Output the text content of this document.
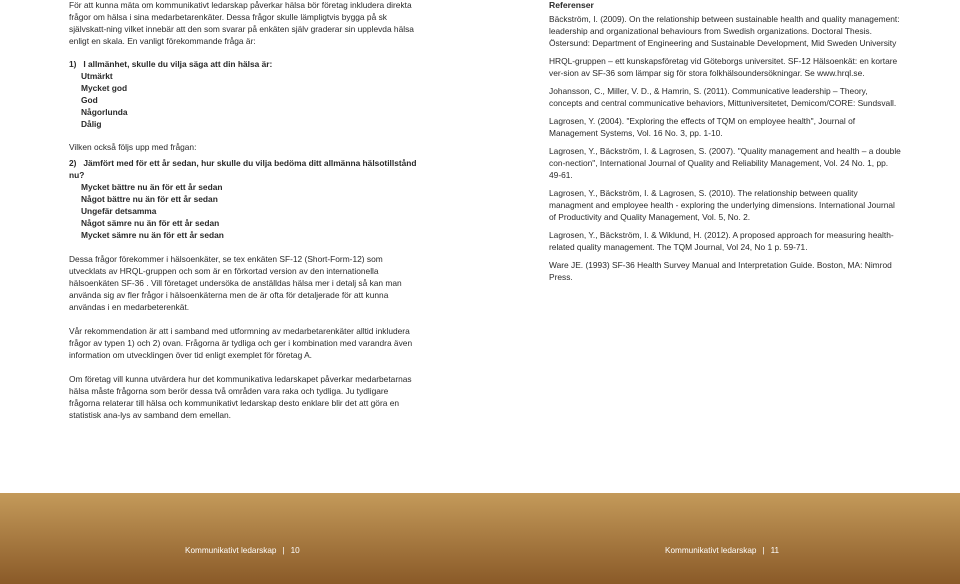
För att kunna mäta om kommunikativt ledarskap påverkar hälsa bör företag inkludera direkta frågor om hälsa i sina medarbetarenkäter. Dessa frågor skulle lämpligtvis bygga på sk självskatt-ning vilket innebär att den som svarar på enkäten själv graderar sin upplevda hälsa enligt en skala. En vanligt förekommande fråga är:

1) I allmänhet, skulle du vilja säga att din hälsa är:
Utmärkt
Mycket god
God
Någorlunda
Dålig

Vilken också följs upp med frågan:

2) Jämfört med för ett år sedan, hur skulle du vilja bedöma ditt allmänna hälsotillstånd nu?
Mycket bättre nu än för ett år sedan
Något bättre nu än för ett år sedan
Ungefär detsamma
Något sämre nu än för ett år sedan
Mycket sämre nu än för ett år sedan

Dessa frågor förekommer i hälsoenkäter, se tex enkäten SF-12 (Short-Form-12) som utvecklats av HRQL-gruppen och som är en förkortad version av den internationella hälsoenkäten SF-36 . Vill företaget undersöka de anställdas hälsa mer i detalj så kan man använda sig av fler frågor i hälsoenkäterna men de är ofta för detaljerade för att kunna användas i en medarbeterenkät.

Vår rekommendation är att i samband med utformning av medarbetarenkäter alltid inkludera frågor av typen 1) och 2) ovan. Frågorna är tydliga och ger i kombination med varandra även information om utvecklingen över tid enligt exemplet för företag A.

Om företag vill kunna utvärdera hur det kommunikativa ledarskapet påverkar medarbetarnas hälsa måste frågorna som berör dessa två områden vara raka och tydliga. Ju tydligare frågorna relaterar till hälsa och kommunikativt ledarskap desto enklare blir det att göra en statistisk ana-lys av samband dem emellan.

Referenser

Bäckström, I. (2009). On the relationship between sustainable health and quality management: leadership and organizational behaviours from Swedish organizations. Doctoral Thesis. Östersund: Department of Engineering and Sustainable Development, Mid Sweden University

HRQL-gruppen – ett kunskapsföretag vid Göteborgs universitet. SF-12 Hälsoenkät: en kortare ver-sion av SF-36 som lämpar sig för stora folkhälsoundersökningar. Se www.hrql.se.

Johansson, C., Miller, V. D., & Hamrin, S. (2011). Communicative leadership – Theory, concepts and central communicative behaviors, Mittuniversitetet, Demicom/CORE: Sundsvall.

Lagrosen, Y. (2004). "Exploring the effects of TQM on employee health", Journal of Management Systems, Vol. 16 No. 3, pp. 1-10.

Lagrosen, Y., Bäckström, I. & Lagrosen, S. (2007). "Quality management and health – a double con-nection", International Journal of Quality and Reliability Management, Vol. 24 No. 1, pp. 49-61.

Lagrosen, Y., Bäckström, I. & Lagrosen, S. (2010). The relationship between quality managment and employee health - exploring the underlying dimensions. International Journal of Productivity and Quality Management, Vol. 5, No. 2.

Lagrosen, Y., Bäckström, I. & Wiklund, H. (2012). A proposed approach for measuring health-related quality management. The TQM Journal, Vol 24, No 1 p. 59-71.

Ware JE. (1993) SF-36 Health Survey Manual and Interpretation Guide. Boston, MA: Nimrod Press.

Kommunikativt ledarskap | 10	Kommunikativt ledarskap | 11
